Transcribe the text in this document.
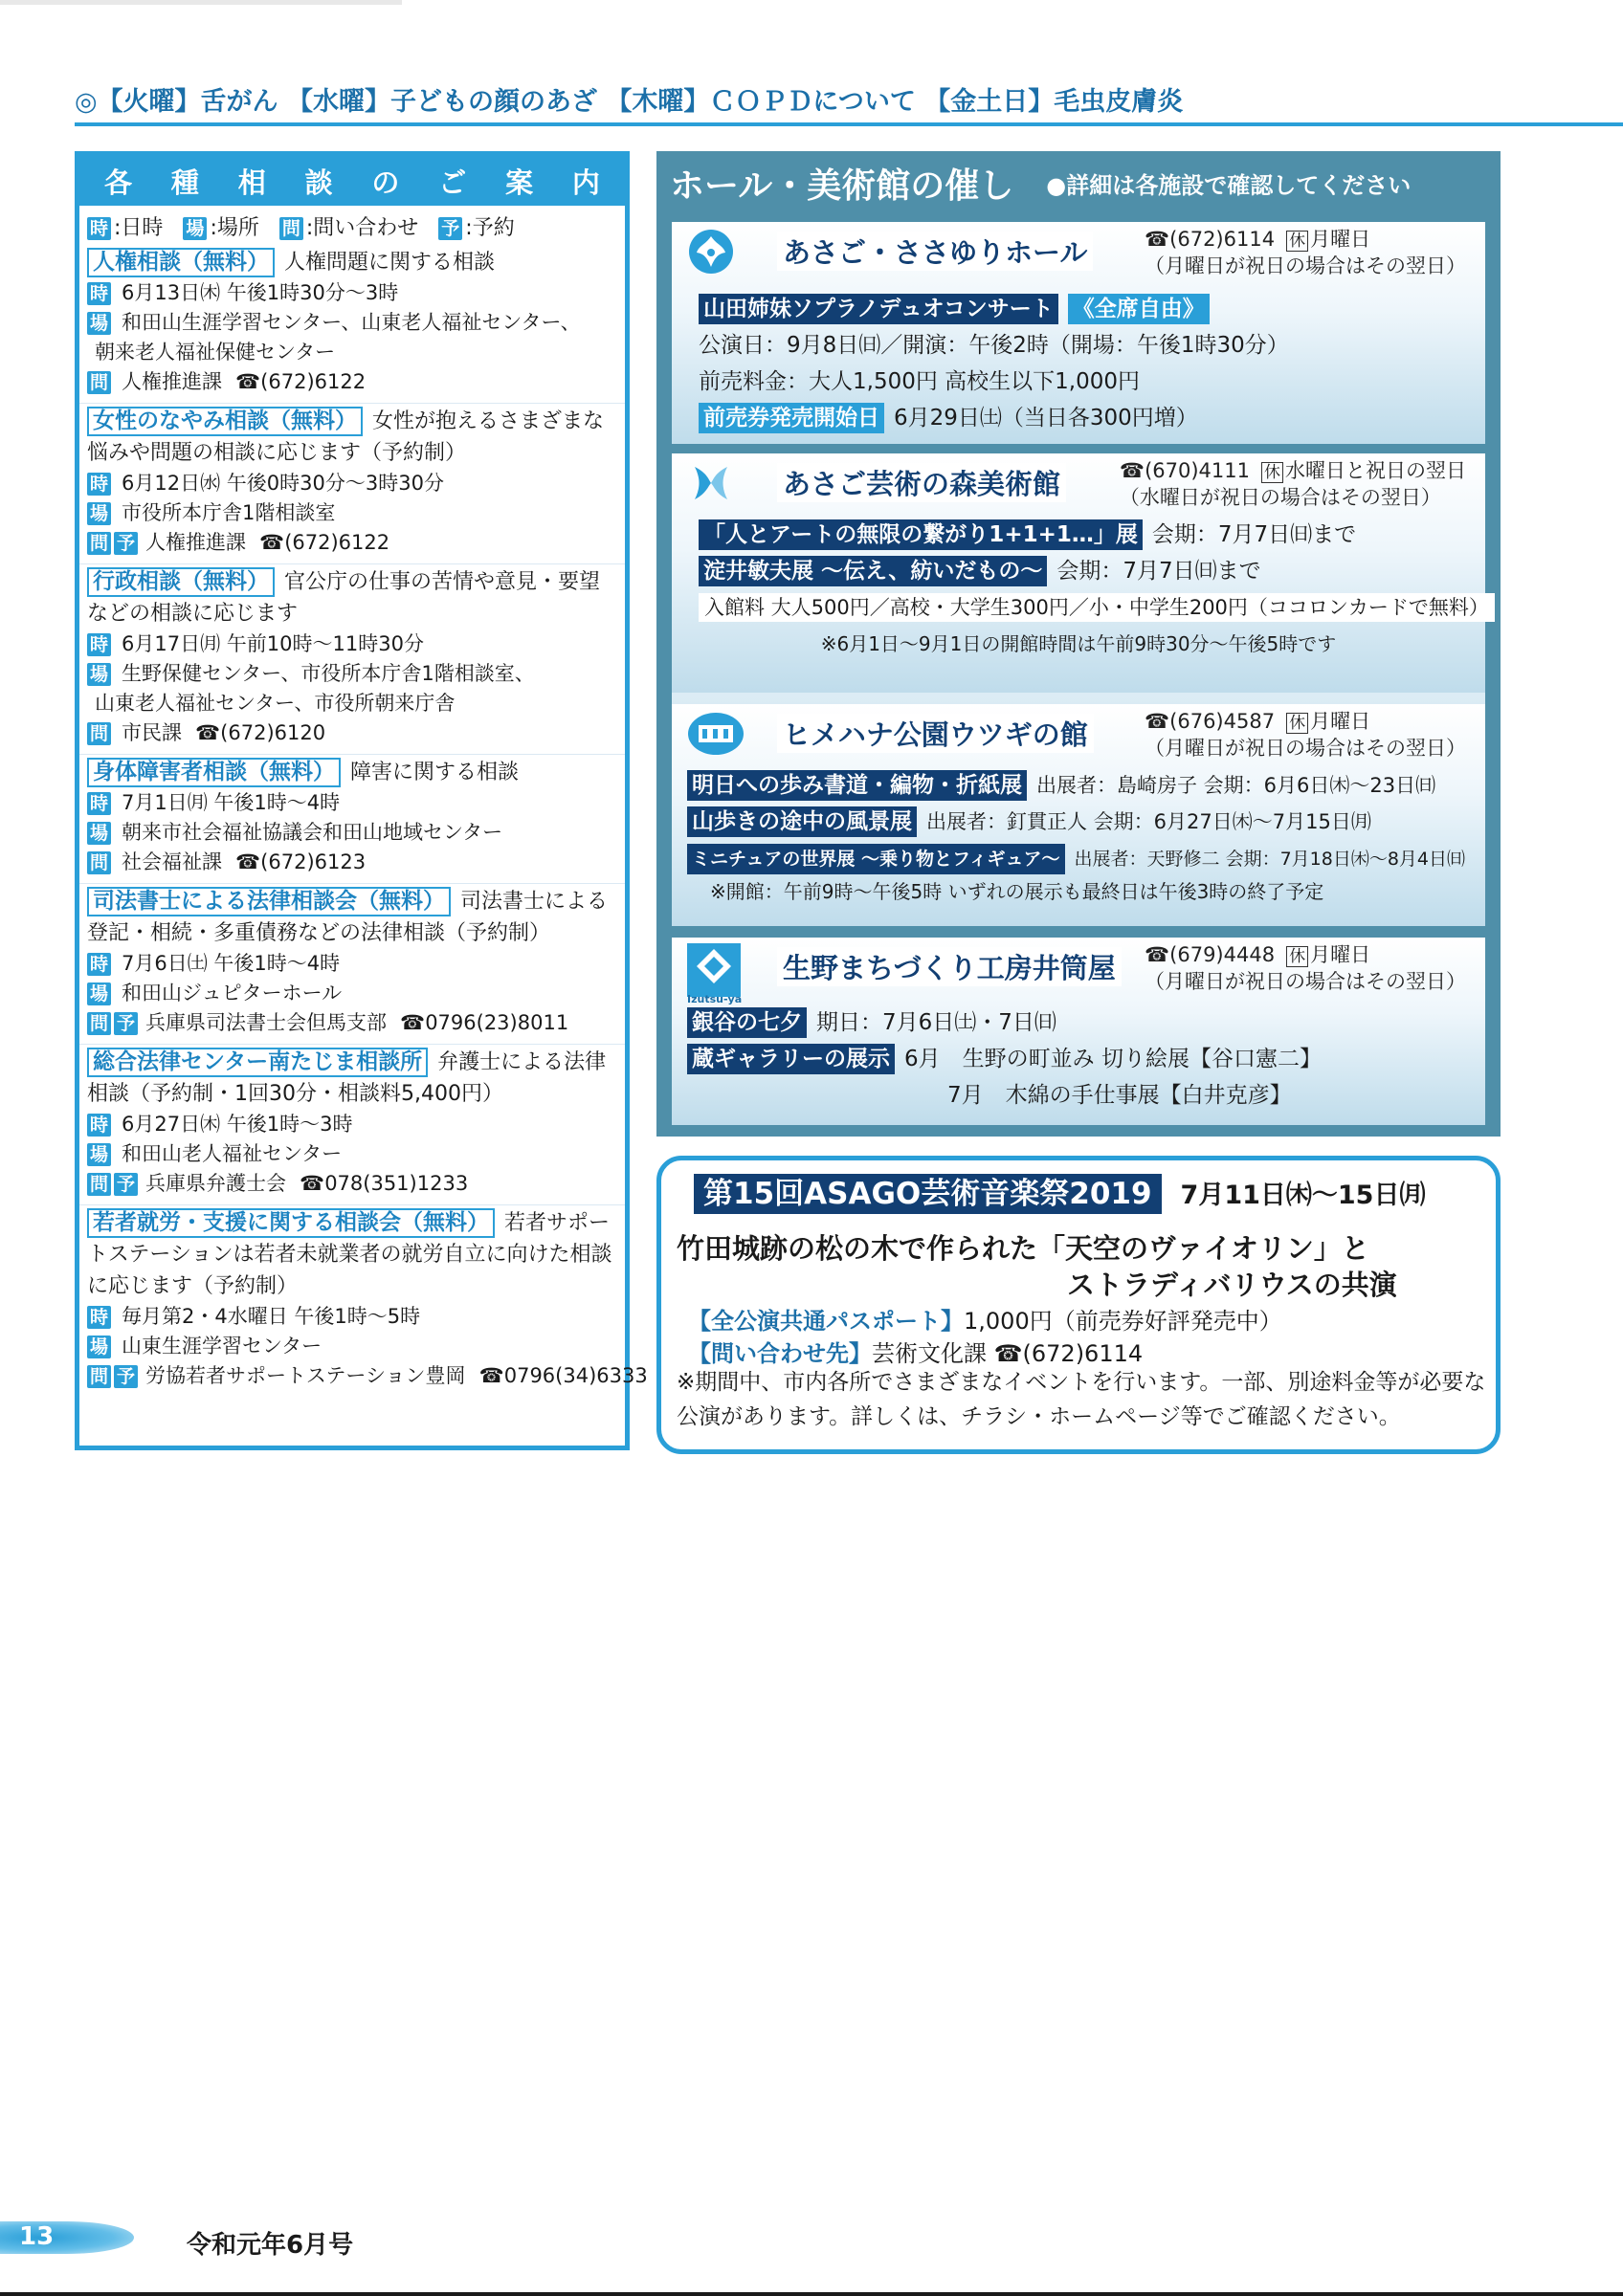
◎【火曜】舌がん 【水曜】子どもの顔のあざ 【木曜】ＣＯＰＤについて 【金土日】毛虫皮膚炎
各 種 相 談 の ご 案 内
時 :日時 場 :場所 問 :問い合わせ 予 :予約
人権相談（無料） 人権問題に関する相談
時 6月13日㈭ 午後1時30分～3時
場 和田山生涯学習センター、山東老人福祉センター、
朝来老人福祉保健センター
問 人権推進課 ☎(672)6122
女性のなやみ相談（無料） 女性が抱えるさまざまな悩みや問題の相談に応じます（予約制）
時 6月12日㈬ 午後0時30分～3時30分
場 市役所本庁舎1階相談室
問 予 人権推進課 ☎(672)6122
行政相談（無料） 官公庁の仕事の苦情や意見・要望などの相談に応じます
時 6月17日㈪ 午前10時～11時30分
場 生野保健センター、市役所本庁舎1階相談室、
山東老人福祉センター、市役所朝来庁舎
問 市民課 ☎(672)6120
身体障害者相談（無料） 障害に関する相談
時 7月1日㈪ 午後1時～4時
場 朝来市社会福祉協議会和田山地域センター
問 社会福祉課 ☎(672)6123
司法書士による法律相談会（無料） 司法書士による登記・相続・多重債務などの法律相談（予約制）
時 7月6日㈯ 午後1時～4時
場 和田山ジュピターホール
問 予 兵庫県司法書士会但馬支部 ☎0796(23)8011
総合法律センター南たじま相談所 弁護士による法律相談（予約制・1回30分・相談料5,400円）
時 6月27日㈭ 午後1時～3時
場 和田山老人福祉センター
問 予 兵庫県弁護士会 ☎078(351)1233
若者就労・支援に関する相談会（無料） 若者サポートステーションは若者未就業者の就労自立に向けた相談に応じます（予約制）
時 毎月第2・4水曜日 午後1時～5時
場 山東生涯学習センター
問 予 労協若者サポートステーション豊岡 ☎0796(34)6333
ホール・美術館の催し ●詳細は各施設で確認してください
あさご・ささゆりホール	☎(672)6114 休 月曜日
（月曜日が祝日の場合はその翌日）
山田姉妹ソプラノデュオコンサート 《全席自由》
公演日：9月8日㈰／開演：午後2時（開場：午後1時30分）
前売料金：大人1,500円 高校生以下1,000円
前売券発売開始日 6月29日㈯（当日各300円増）
あさご芸術の森美術館	☎(670)4111 休 水曜日と祝日の翌日
（水曜日が祝日の場合はその翌日）
「人とアートの無限の繋がり1+1+1…」展 会期：7月7日㈰まで
淀井敏夫展 ～伝え、紡いだもの～ 会期：7月7日㈰まで
入館料 大人500円／高校・大学生300円／小・中学生200円（ココロンカードで無料）
※6月1日～9月1日の開館時間は午前9時30分～午後5時です
ヒメハナ公園ウツギの館	☎(676)4587 休 月曜日
（月曜日が祝日の場合はその翌日）
明日への歩み書道・編物・折紙展 出展者：島崎房子 会期：6月6日㈭～23日㈰
山歩きの途中の風景展 出展者：釘貫正人 会期：6月27日㈭～7月15日㈪
ミニチュアの世界展 ～乗り物とフィギュア～ 出展者：天野修二 会期：7月18日㈭～8月4日㈰
※開館：午前9時～午後5時 いずれの展示も最終日は午後3時の終了予定
Izutsu-ya
生野まちづくり工房井筒屋 ☎(679)4448 休 月曜日
（月曜日が祝日の場合はその翌日）
銀谷の七夕 期日：7月6日㈯・7日㈰
蔵ギャラリーの展示 6月　生野の町並み 切り絵展【谷口憲二】
7月　木綿の手仕事展【白井克彦】
第15回ASAGO芸術音楽祭2019 7月11日㈭～15日㈪
竹田城跡の松の木で作られた「天空のヴァイオリン」と
ストラディバリウスの共演
【全公演共通パスポート】1,000円（前売券好評発売中）
【問い合わせ先】芸術文化課 ☎(672)6114
※期間中、市内各所でさまざまなイベントを行います。一部、別途料金等が必要な公演があります。詳しくは、チラシ・ホームページ等でご確認ください。
13	令和元年6月号
